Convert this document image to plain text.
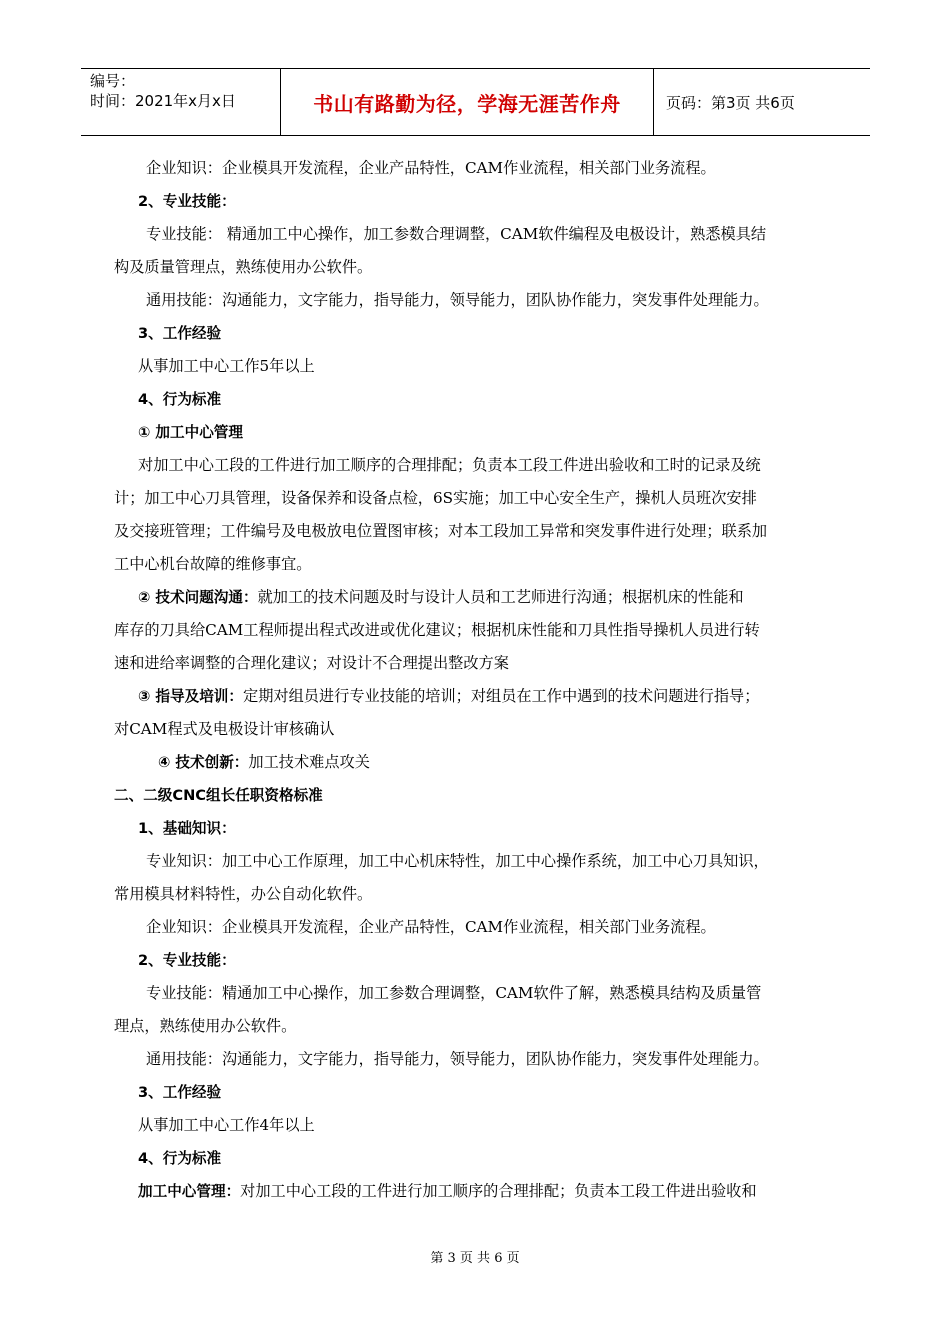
编号：
时间：2021年x月x日	书山有路勤为径，学海无涯苦作舟	页码：第3页 共6页
企业知识：企业模具开发流程，企业产品特性，CAM作业流程，相关部门业务流程。
2、专业技能：
专业技能： 精通加工中心操作，加工参数合理调整，CAM软件编程及电极设计，熟悉模具结
构及质量管理点，熟练使用办公软件。
通用技能：沟通能力，文字能力，指导能力，领导能力，团队协作能力，突发事件处理能力。
3、工作经验
从事加工中心工作5年以上
4、行为标准
① 加工中心管理
对加工中心工段的工件进行加工顺序的合理排配；负责本工段工件进出验收和工时的记录及统
计；加工中心刀具管理，设备保养和设备点检，6S实施；加工中心安全生产，操机人员班次安排
及交接班管理；工件编号及电极放电位置图审核；对本工段加工异常和突发事件进行处理；联系加
工中心机台故障的维修事宜。
② 技术问题沟通：就加工的技术问题及时与设计人员和工艺师进行沟通；根据机床的性能和
库存的刀具给CAM工程师提出程式改进或优化建议；根据机床性能和刀具性指导操机人员进行转
速和进给率调整的合理化建议；对设计不合理提出整改方案
③ 指导及培训：定期对组员进行专业技能的培训；对组员在工作中遇到的技术问题进行指导；
对CAM程式及电极设计审核确认
④ 技术创新：加工技术难点攻关
二、二级CNC组长任职资格标准
1、基础知识：
专业知识：加工中心工作原理，加工中心机床特性，加工中心操作系统，加工中心刀具知识，
常用模具材料特性，办公自动化软件。
企业知识：企业模具开发流程，企业产品特性，CAM作业流程，相关部门业务流程。
2、专业技能：
专业技能：精通加工中心操作，加工参数合理调整，CAM软件了解，熟悉模具结构及质量管
理点，熟练使用办公软件。
通用技能：沟通能力，文字能力，指导能力，领导能力，团队协作能力，突发事件处理能力。
3、工作经验
从事加工中心工作4年以上
4、行为标准
加工中心管理：对加工中心工段的工件进行加工顺序的合理排配；负责本工段工件进出验收和
第 3 页 共 6 页
